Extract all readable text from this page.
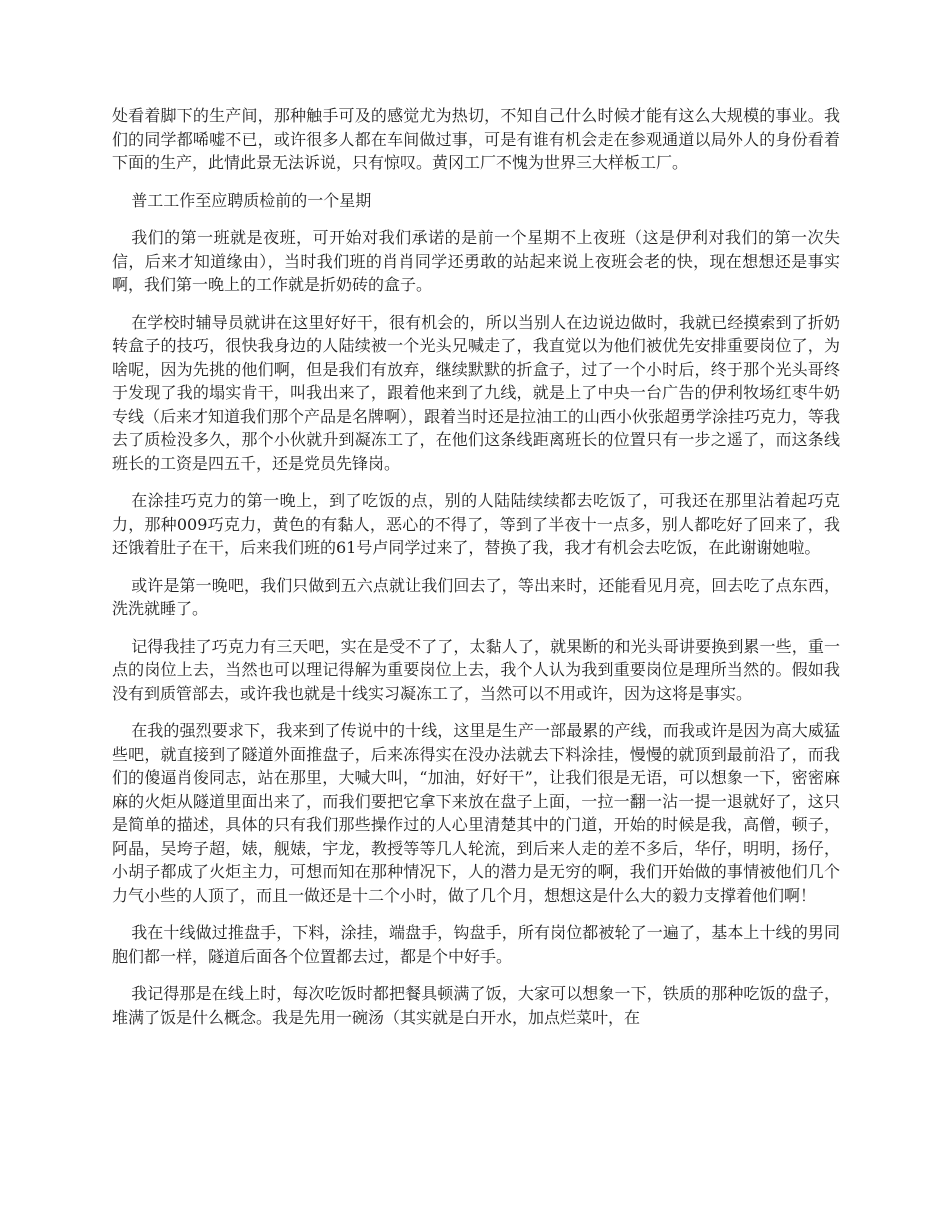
处看着脚下的生产间，那种触手可及的感觉尤为热切，不知自己什么时候才能有这么大规模的事业。我们的同学都唏嘘不已，或许很多人都在车间做过事，可是有谁有机会走在参观通道以局外人的身份看着下面的生产，此情此景无法诉说，只有惊叹。黄冈工厂不愧为世界三大样板工厂。

普工工作至应聘质检前的一个星期

我们的第一班就是夜班，可开始对我们承诺的是前一个星期不上夜班（这是伊利对我们的第一次失信，后来才知道缘由），当时我们班的肖肖同学还勇敢的站起来说上夜班会老的快，现在想想还是事实啊，我们第一晚上的工作就是折奶砖的盒子。

在学校时辅导员就讲在这里好好干，很有机会的，所以当别人在边说边做时，我就已经摸索到了折奶转盒子的技巧，很快我身边的人陆续被一个光头兄喊走了，我直觉以为他们被优先安排重要岗位了，为啥呢，因为先挑的他们啊，但是我们有放弃，继续默默的折盒子，过了一个小时后，终于那个光头哥终于发现了我的塌实肯干，叫我出来了，跟着他来到了九线，就是上了中央一台广告的伊利牧场红枣牛奶专线（后来才知道我们那个产品是名牌啊），跟着当时还是拉油工的山西小伙张超勇学涂挂巧克力，等我去了质检没多久，那个小伙就升到凝冻工了，在他们这条线距离班长的位置只有一步之遥了，而这条线班长的工资是四五千，还是党员先锋岗。

在涂挂巧克力的第一晚上，到了吃饭的点，别的人陆陆续续都去吃饭了，可我还在那里沾着起巧克力，那种009巧克力，黄色的有黏人，恶心的不得了，等到了半夜十一点多，别人都吃好了回来了，我还饿着肚子在干，后来我们班的61号卢同学过来了，替换了我，我才有机会去吃饭，在此谢谢她啦。

或许是第一晚吧，我们只做到五六点就让我们回去了，等出来时，还能看见月亮，回去吃了点东西，洗洗就睡了。

记得我挂了巧克力有三天吧，实在是受不了了，太黏人了，就果断的和光头哥讲要换到累一些，重一点的岗位上去，当然也可以理记得解为重要岗位上去，我个人认为我到重要岗位是理所当然的。假如我没有到质管部去，或许我也就是十线实习凝冻工了，当然可以不用或许，因为这将是事实。

在我的强烈要求下，我来到了传说中的十线，这里是生产一部最累的产线，而我或许是因为高大威猛些吧，就直接到了隧道外面推盘子，后来冻得实在没办法就去下料涂挂，慢慢的就顶到最前沿了，而我们的傻逼肖俊同志，站在那里，大喊大叫，“加油，好好干”，让我们很是无语，可以想象一下，密密麻麻的火炬从隧道里面出来了，而我们要把它拿下来放在盘子上面，一拉一翻一沾一提一退就好了，这只是简单的描述，具体的只有我们那些操作过的人心里清楚其中的门道，开始的时候是我，高僧，顿子，阿晶，吴垮子超，婊，舰婊，宇龙，教授等等几人轮流，到后来人走的差不多后，华仔，明明，扬仔，小胡子都成了火炬主力，可想而知在那种情况下，人的潜力是无穷的啊，我们开始做的事情被他们几个力气小些的人顶了，而且一做还是十二个小时，做了几个月，想想这是什么大的毅力支撑着他们啊！

我在十线做过推盘手，下料，涂挂，端盘手，钩盘手，所有岗位都被轮了一遍了，基本上十线的男同胞们都一样，隧道后面各个位置都去过，都是个中好手。

我记得那是在线上时，每次吃饭时都把餐具顿满了饭，大家可以想象一下，铁质的那种吃饭的盘子，堆满了饭是什么概念。我是先用一碗汤（其实就是白开水，加点烂菜叶，在
